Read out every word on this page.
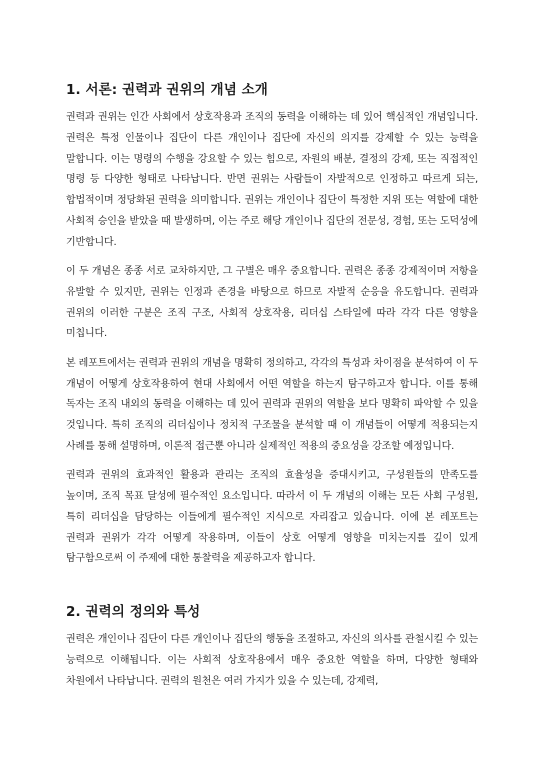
1. 서론: 권력과 권위의 개념 소개

권력과 권위는 인간 사회에서 상호작용과 조직의 동력을 이해하는 데 있어 핵심적인 개념입니다. 권력은 특정 인물이나 집단이 다른 개인이나 집단에 자신의 의지를 강제할 수 있는 능력을 말합니다. 이는 명령의 수행을 강요할 수 있는 힘으로, 자원의 배분, 결정의 강제, 또는 직접적인 명령 등 다양한 형태로 나타납니다. 반면 권위는 사람들이 자발적으로 인정하고 따르게 되는, 합법적이며 정당화된 권력을 의미합니다. 권위는 개인이나 집단이 특정한 지위 또는 역할에 대한 사회적 승인을 받았을 때 발생하며, 이는 주로 해당 개인이나 집단의 전문성, 경험, 또는 도덕성에 기반합니다.

이 두 개념은 종종 서로 교차하지만, 그 구별은 매우 중요합니다. 권력은 종종 강제적이며 저항을 유발할 수 있지만, 권위는 인정과 존경을 바탕으로 하므로 자발적 순응을 유도합니다. 권력과 권위의 이러한 구분은 조직 구조, 사회적 상호작용, 리더십 스타일에 따라 각각 다른 영향을 미칩니다.

본 레포트에서는 권력과 권위의 개념을 명확히 정의하고, 각각의 특성과 차이점을 분석하여 이 두 개념이 어떻게 상호작용하여 현대 사회에서 어떤 역할을 하는지 탐구하고자 합니다. 이를 통해 독자는 조직 내외의 동력을 이해하는 데 있어 권력과 권위의 역할을 보다 명확히 파악할 수 있을 것입니다. 특히 조직의 리더십이나 정치적 구조물을 분석할 때 이 개념들이 어떻게 적용되는지 사례를 통해 설명하며, 이론적 접근뿐 아니라 실제적인 적용의 중요성을 강조할 예정입니다.

권력과 권위의 효과적인 활용과 관리는 조직의 효율성을 증대시키고, 구성원들의 만족도를 높이며, 조직 목표 달성에 필수적인 요소입니다. 따라서 이 두 개념의 이해는 모든 사회 구성원, 특히 리더십을 담당하는 이들에게 필수적인 지식으로 자리잡고 있습니다. 이에 본 레포트는 권력과 권위가 각각 어떻게 작용하며, 이들이 상호 어떻게 영향을 미치는지를 깊이 있게 탐구함으로써 이 주제에 대한 통찰력을 제공하고자 합니다.

2. 권력의 정의와 특성

권력은 개인이나 집단이 다른 개인이나 집단의 행동을 조절하고, 자신의 의사를 관철시킬 수 있는 능력으로 이해됩니다. 이는 사회적 상호작용에서 매우 중요한 역할을 하며, 다양한 형태와 차원에서 나타납니다. 권력의 원천은 여러 가지가 있을 수 있는데, 강제력,
